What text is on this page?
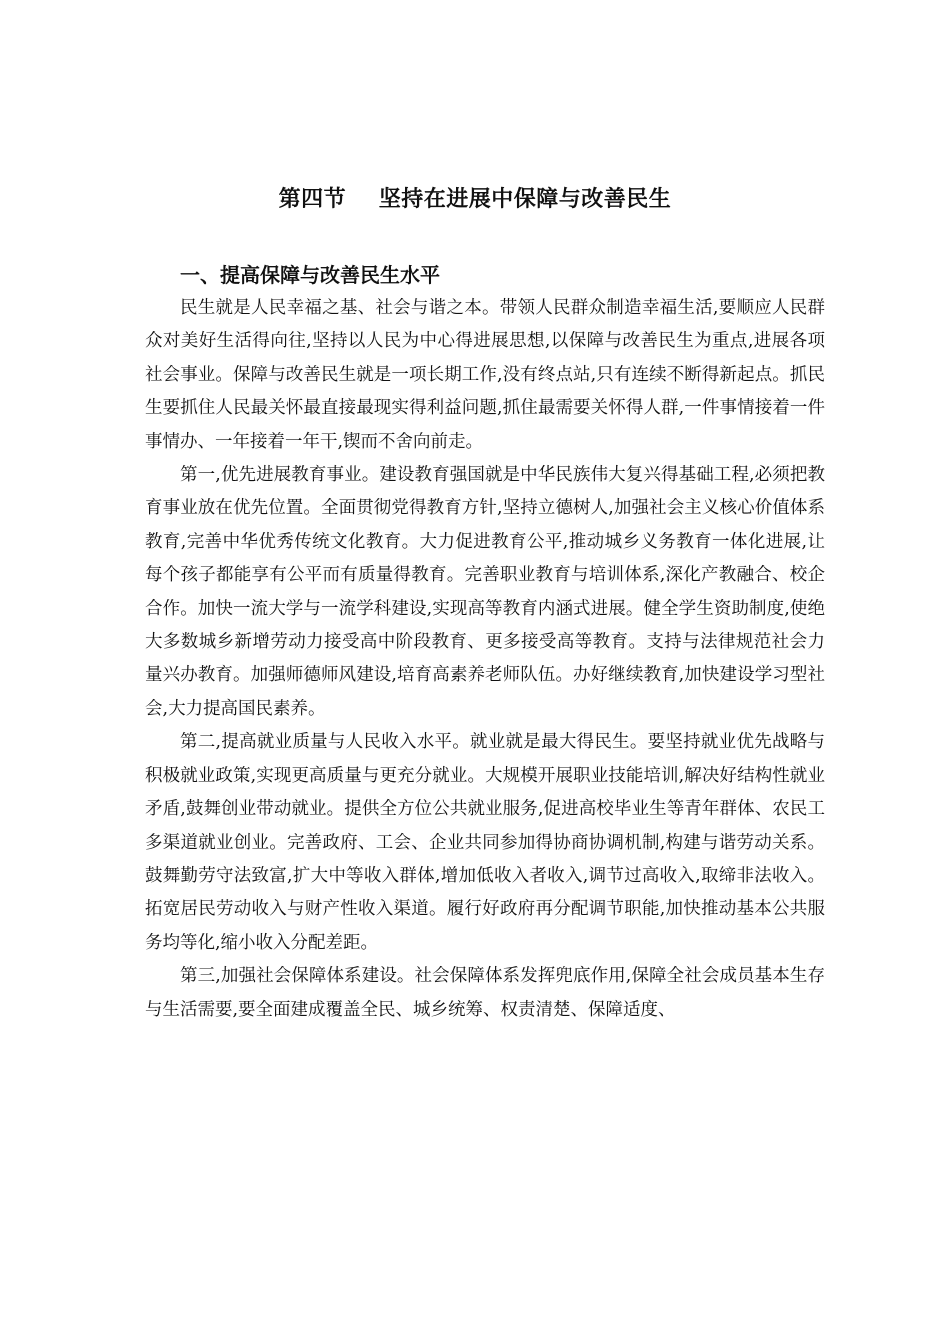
第四节    坚持在进展中保障与改善民生
一、提高保障与改善民生水平

民生就是人民幸福之基、社会与谐之本。带领人民群众制造幸福生活,要顺应人民群众对美好生活得向往,坚持以人民为中心得进展思想,以保障与改善民生为重点,进展各项社会事业。保障与改善民生就是一项长期工作,没有终点站,只有连续不断得新起点。抓民生要抓住人民最关怀最直接最现实得利益问题,抓住最需要关怀得人群,一件事情接着一件事情办、一年接着一年干,锲而不舍向前走。

第一,优先进展教育事业。建设教育强国就是中华民族伟大复兴得基础工程,必须把教育事业放在优先位置。全面贯彻党得教育方针,坚持立德树人,加强社会主义核心价值体系教育,完善中华优秀传统文化教育。大力促进教育公平,推动城乡义务教育一体化进展,让每个孩子都能享有公平而有质量得教育。完善职业教育与培训体系,深化产教融合、校企合作。加快一流大学与一流学科建设,实现高等教育内涵式进展。健全学生资助制度,使绝大多数城乡新增劳动力接受高中阶段教育、更多接受高等教育。支持与法律规范社会力量兴办教育。加强师德师风建设,培育高素养老师队伍。办好继续教育,加快建设学习型社会,大力提高国民素养。

第二,提高就业质量与人民收入水平。就业就是最大得民生。要坚持就业优先战略与积极就业政策,实现更高质量与更充分就业。大规模开展职业技能培训,解决好结构性就业矛盾,鼓舞创业带动就业。提供全方位公共就业服务,促进高校毕业生等青年群体、农民工多渠道就业创业。完善政府、工会、企业共同参加得协商协调机制,构建与谐劳动关系。鼓舞勤劳守法致富,扩大中等收入群体,增加低收入者收入,调节过高收入,取缔非法收入。拓宽居民劳动收入与财产性收入渠道。履行好政府再分配调节职能,加快推动基本公共服务均等化,缩小收入分配差距。

第三,加强社会保障体系建设。社会保障体系发挥兜底作用,保障全社会成员基本生存与生活需要,要全面建成覆盖全民、城乡统筹、权责清楚、保障适度、
